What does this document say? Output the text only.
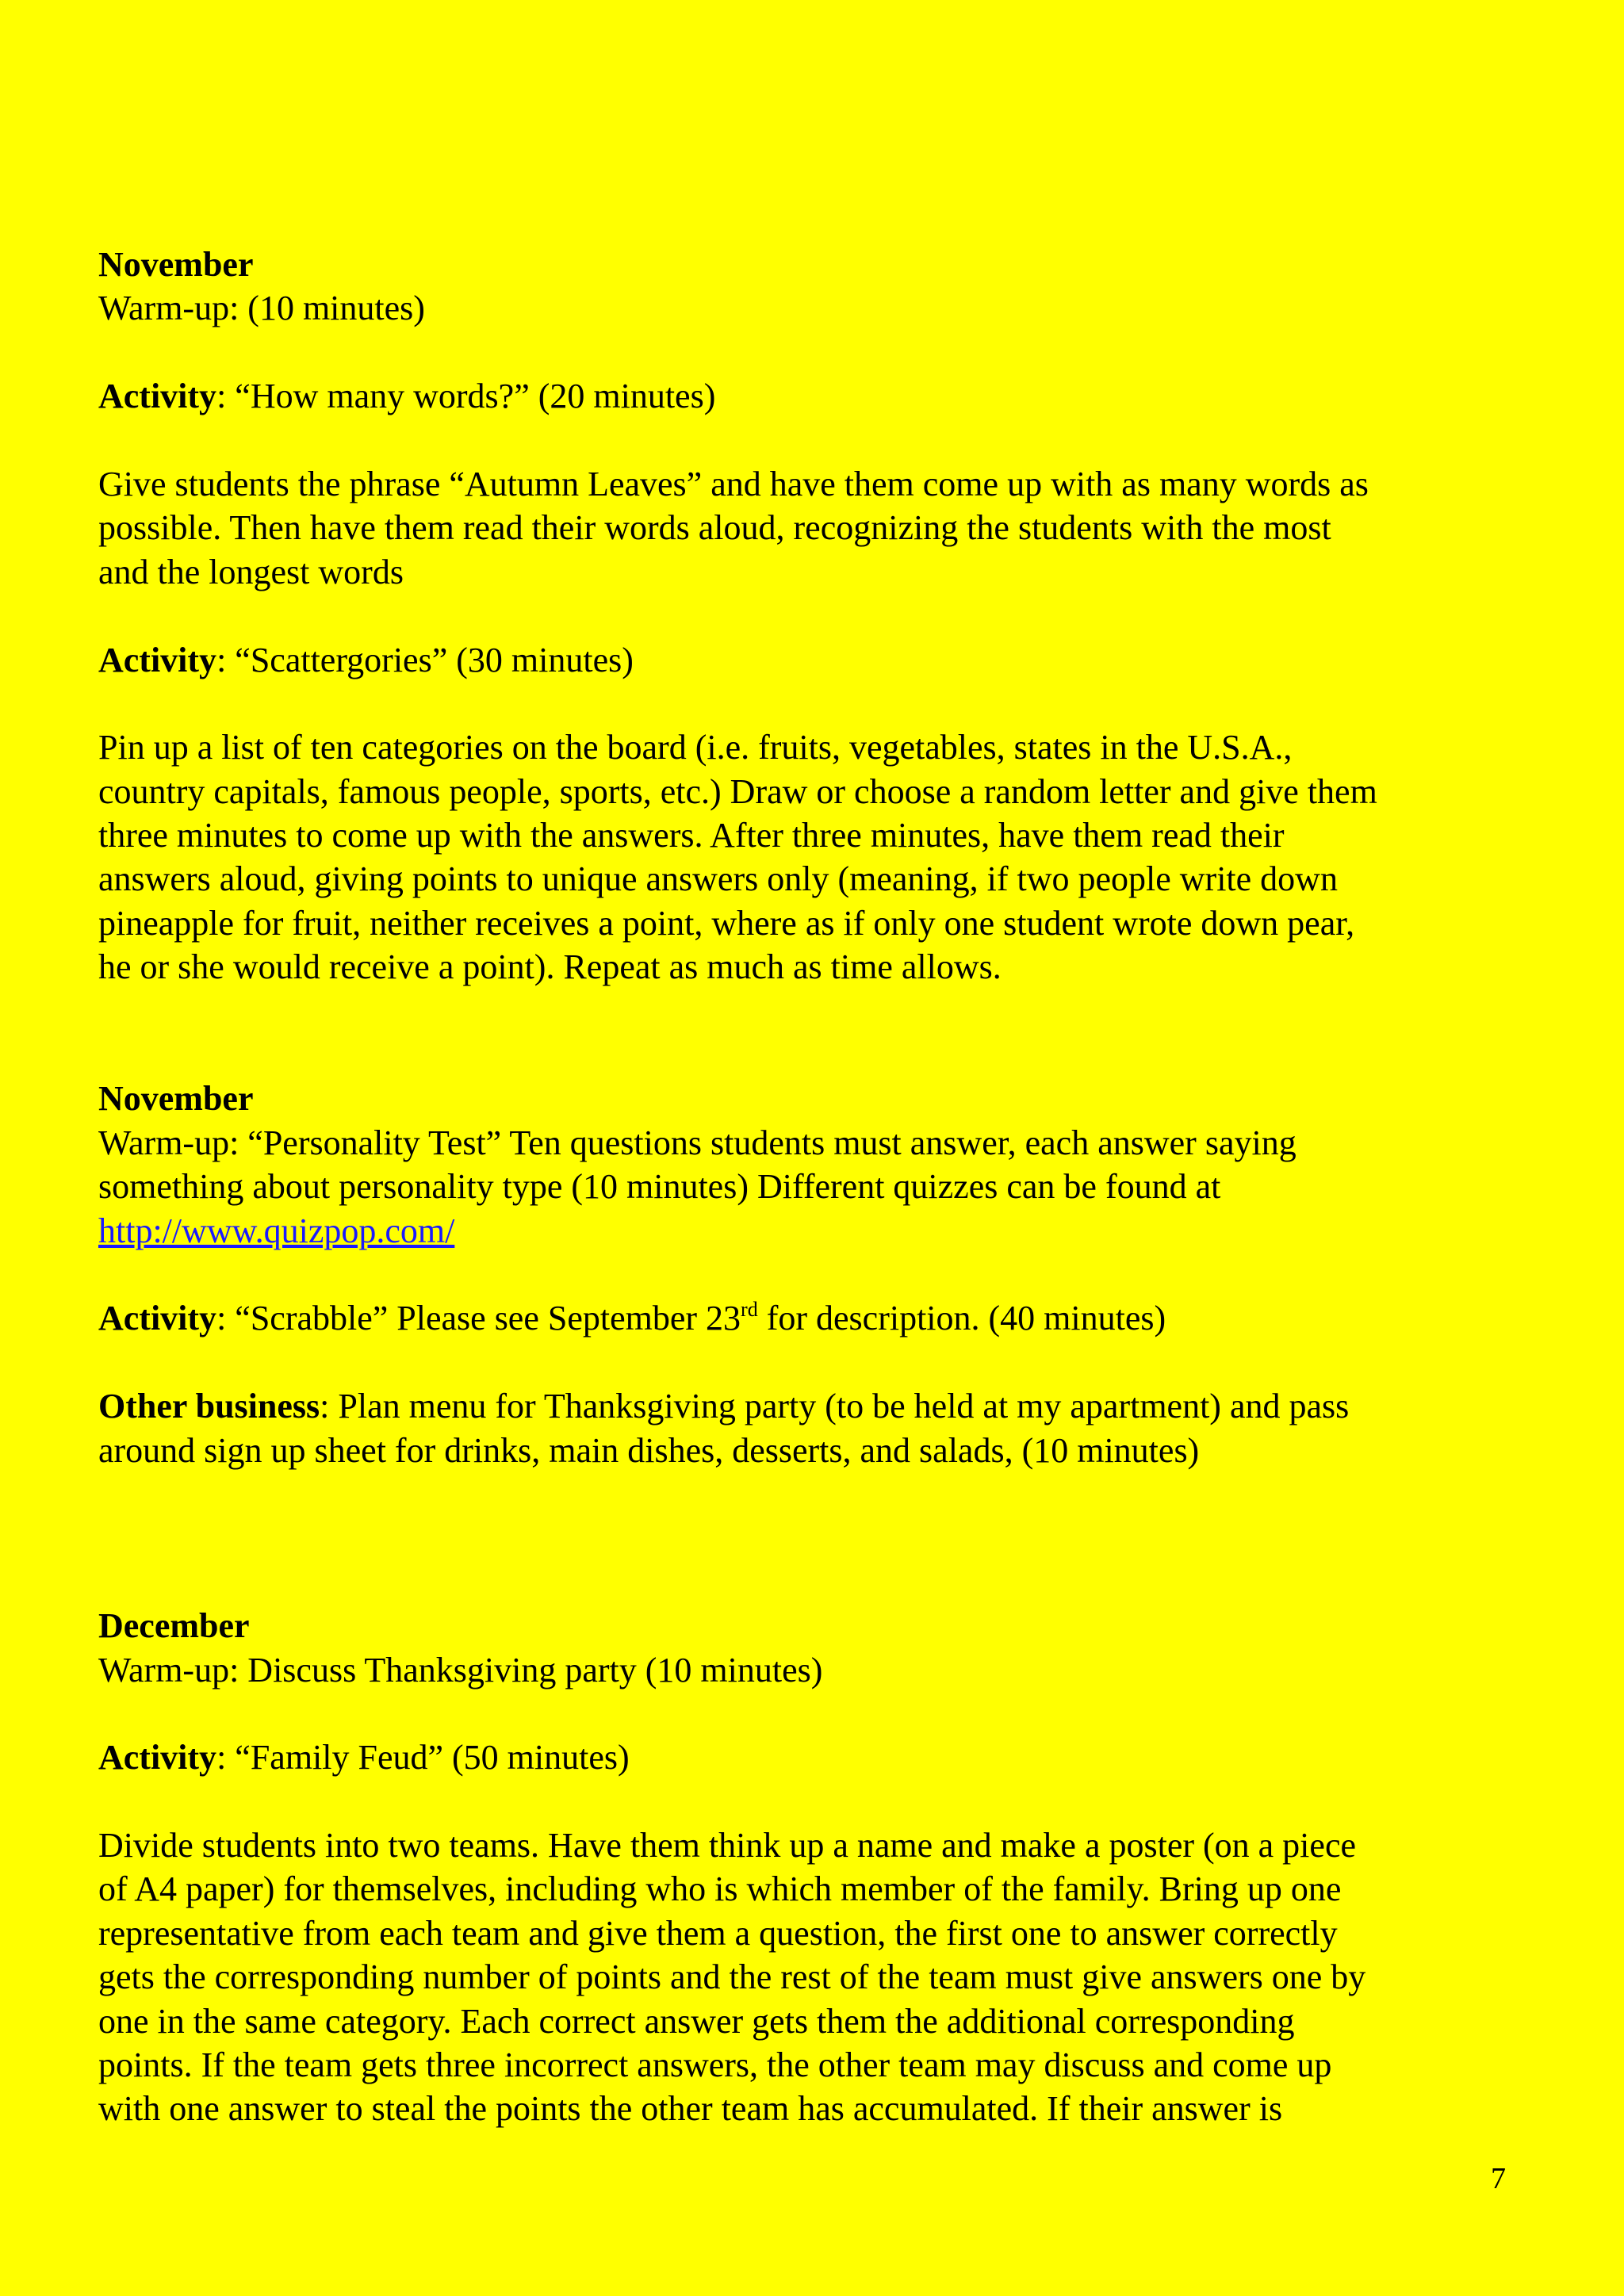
November
Warm-up: (10 minutes)
Activity: “How many words?” (20 minutes)
Give students the phrase “Autumn Leaves” and have them come up with as many words as
possible. Then have them read their words aloud, recognizing the students with the most
and the longest words
Activity: “Scattergories” (30 minutes)
Pin up a list of ten categories on the board (i.e. fruits, vegetables, states in the U.S.A.,
country capitals, famous people, sports, etc.) Draw or choose a random letter and give them
three minutes to come up with the answers. After three minutes, have them read their
answers aloud, giving points to unique answers only (meaning, if two people write down
pineapple for fruit, neither receives a point, where as if only one student wrote down pear,
he or she would receive a point). Repeat as much as time allows.
November
Warm-up: “Personality Test” Ten questions students must answer, each answer saying
something about personality type (10 minutes) Different quizzes can be found at
http://www.quizpop.com/
Activity: “Scrabble” Please see September 23rd for description. (40 minutes)
Other business: Plan menu for Thanksgiving party (to be held at my apartment) and pass
around sign up sheet for drinks, main dishes, desserts, and salads, (10 minutes)
December
Warm-up: Discuss Thanksgiving party (10 minutes)
Activity: “Family Feud” (50 minutes)
Divide students into two teams. Have them think up a name and make a poster (on a piece
of A4 paper) for themselves, including who is which member of the family. Bring up one
representative from each team and give them a question, the first one to answer correctly
gets the corresponding number of points and the rest of the team must give answers one by
one in the same category. Each correct answer gets them the additional corresponding
points. If the team gets three incorrect answers, the other team may discuss and come up
with one answer to steal the points the other team has accumulated. If their answer is
7
